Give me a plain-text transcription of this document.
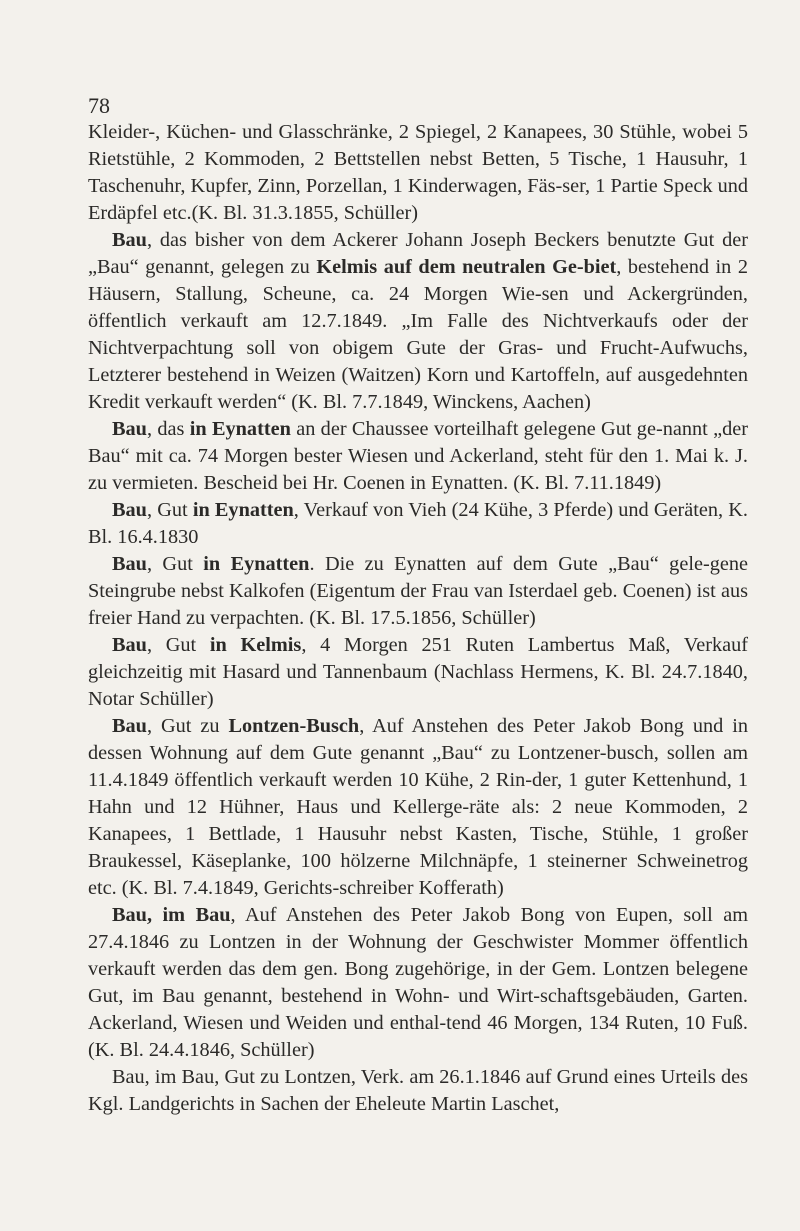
78

Kleider-, Küchen- und Glasschränke, 2 Spiegel, 2 Kanapees, 30 Stühle, wobei 5 Rietstühle, 2 Kommoden, 2 Bettstellen nebst Betten, 5 Tische, 1 Hausuhr, 1 Taschenuhr, Kupfer, Zinn, Porzellan, 1 Kinderwagen, Fäs-ser, 1 Partie Speck und Erdäpfel etc.(K. Bl. 31.3.1855, Schüller)

Bau, das bisher von dem Ackerer Johann Joseph Beckers benutzte Gut der „Bau“ genannt, gelegen zu Kelmis auf dem neutralen Ge-biet, bestehend in 2 Häusern, Stallung, Scheune, ca. 24 Morgen Wie-sen und Ackergründen, öffentlich verkauft am 12.7.1849. „Im Falle des Nichtverkaufs oder der Nichtverpachtung soll von obigem Gute der Gras- und Frucht-Aufwuchs, Letzterer bestehend in Weizen (Waitzen) Korn und Kartoffeln, auf ausgedehnten Kredit verkauft werden“ (K. Bl. 7.7.1849, Winckens, Aachen)

Bau, das in Eynatten an der Chaussee vorteilhaft gelegene Gut ge-nannt „der Bau“ mit ca. 74 Morgen bester Wiesen und Ackerland, steht für den 1. Mai k. J. zu vermieten. Bescheid bei Hr. Coenen in Eynatten. (K. Bl. 7.11.1849)

Bau, Gut in Eynatten, Verkauf von Vieh (24 Kühe, 3 Pferde) und Geräten, K. Bl. 16.4.1830

Bau, Gut in Eynatten. Die zu Eynatten auf dem Gute „Bau“ gele-gene Steingrube nebst Kalkofen (Eigentum der Frau van Isterdael geb. Coenen) ist aus freier Hand zu verpachten. (K. Bl. 17.5.1856, Schüller)

Bau, Gut in Kelmis, 4 Morgen 251 Ruten Lambertus Maß, Verkauf gleichzeitig mit Hasard und Tannenbaum (Nachlass Hermens, K. Bl. 24.7.1840, Notar Schüller)

Bau, Gut zu Lontzen-Busch, Auf Anstehen des Peter Jakob Bong und in dessen Wohnung auf dem Gute genannt „Bau“ zu Lontzener-busch, sollen am 11.4.1849 öffentlich verkauft werden 10 Kühe, 2 Rin-der, 1 guter Kettenhund, 1 Hahn und 12 Hühner, Haus und Kellerge-räte als: 2 neue Kommoden, 2 Kanapees, 1 Bettlade, 1 Hausuhr nebst Kasten, Tische, Stühle, 1 großer Braukessel, Käseplanke, 100 hölzerne Milchnäpfe, 1 steinerner Schweinetrog etc. (K. Bl. 7.4.1849, Gerichts-schreiber Kofferath)

Bau, im Bau, Auf Anstehen des Peter Jakob Bong von Eupen, soll am 27.4.1846 zu Lontzen in der Wohnung der Geschwister Mommer öffentlich verkauft werden das dem gen. Bong zugehörige, in der Gem. Lontzen belegene Gut, im Bau genannt, bestehend in Wohn- und Wirt-schaftsgebäuden, Garten. Ackerland, Wiesen und Weiden und enthal-tend 46 Morgen, 134 Ruten, 10 Fuß. (K. Bl. 24.4.1846, Schüller)

Bau, im Bau, Gut zu Lontzen, Verk. am 26.1.1846 auf Grund eines Urteils des Kgl. Landgerichts in Sachen der Eheleute Martin Laschet,
